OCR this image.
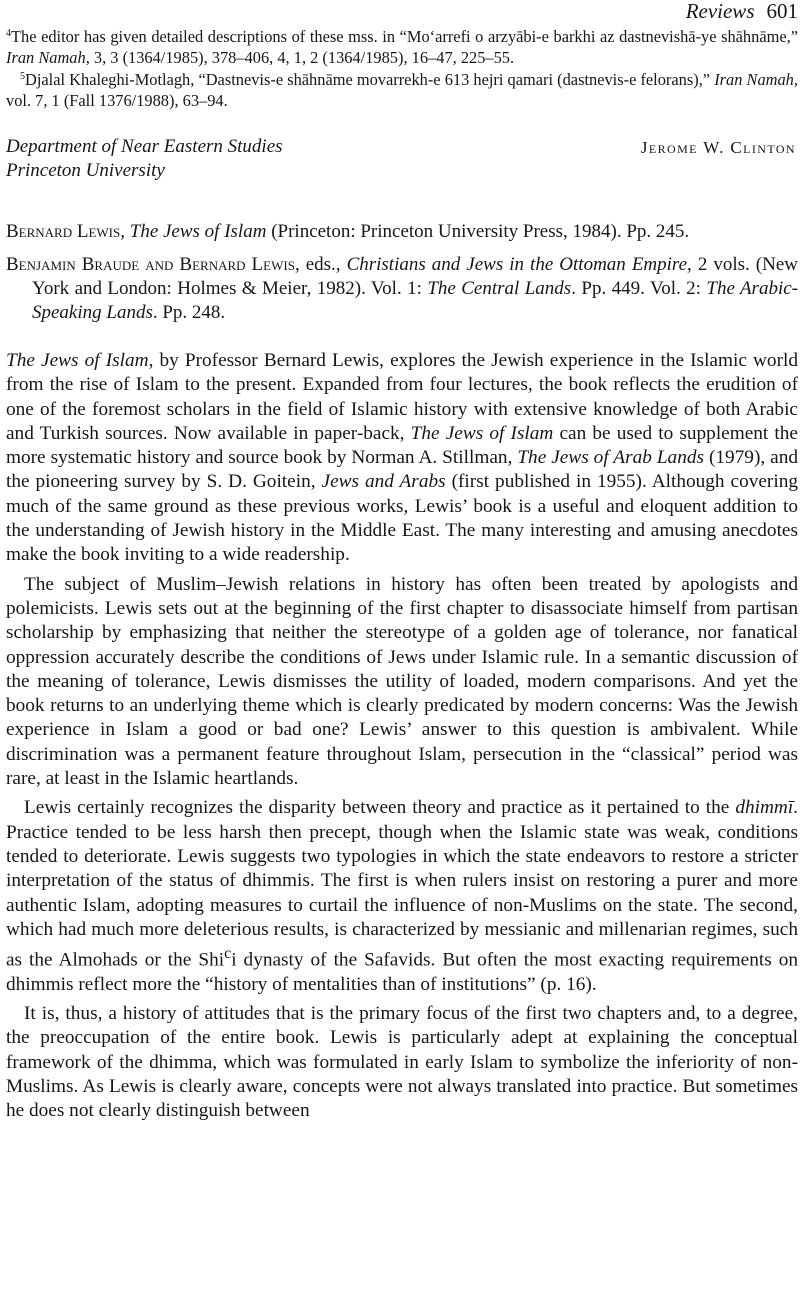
Reviews 601

$^4$The editor has given detailed descriptions of these mss. in “Mo‘arrefi o arzyābi-e barkhi az dastnevishā-ye shāhnāme,” Iran Namah, 3, 3 (1364/1985), 378–406, 4, 1, 2 (1364/1985), 16–47, 225–55.

$^5$Djalal Khaleghi-Motlagh, “Dastnevis-e shāhnāme movarrekh-e 613 hejri qamari (dastnevis-e felorans),” Iran Namah, vol. 7, 1 (Fall 1376/1988), 63–94.

Department of Near Eastern Studies
Princeton University
Jerome W. Clinton

Bernard Lewis, The Jews of Islam (Princeton: Princeton University Press, 1984). Pp. 245.

Benjamin Braude and Bernard Lewis, eds., Christians and Jews in the Ottoman Empire, 2 vols. (New York and London: Holmes & Meier, 1982). Vol. 1: The Central Lands. Pp. 449. Vol. 2: The Arabic-Speaking Lands. Pp. 248.

The Jews of Islam, by Professor Bernard Lewis, explores the Jewish experience in the Islamic world from the rise of Islam to the present. Expanded from four lectures, the book reflects the erudition of one of the foremost scholars in the field of Islamic history with extensive knowledge of both Arabic and Turkish sources. Now available in paper-back, The Jews of Islam can be used to supplement the more systematic history and source book by Norman A. Stillman, The Jews of Arab Lands (1979), and the pioneering survey by S. D. Goitein, Jews and Arabs (first published in 1955). Although covering much of the same ground as these previous works, Lewis’ book is a useful and eloquent addition to the understanding of Jewish history in the Middle East. The many interesting and amusing anecdotes make the book inviting to a wide readership.

The subject of Muslim–Jewish relations in history has often been treated by apologists and polemicists. Lewis sets out at the beginning of the first chapter to disassociate himself from partisan scholarship by emphasizing that neither the stereotype of a golden age of tolerance, nor fanatical oppression accurately describe the conditions of Jews under Islamic rule. In a semantic discussion of the meaning of tolerance, Lewis dismisses the utility of loaded, modern comparisons. And yet the book returns to an underlying theme which is clearly predicated by modern concerns: Was the Jewish experience in Islam a good or bad one? Lewis’ answer to this question is ambivalent. While discrimination was a permanent feature throughout Islam, persecution in the “classical” period was rare, at least in the Islamic heartlands.

Lewis certainly recognizes the disparity between theory and practice as it pertained to the dhimmī. Practice tended to be less harsh then precept, though when the Islamic state was weak, conditions tended to deteriorate. Lewis suggests two typologies in which the state endeavors to restore a stricter interpretation of the status of dhimmis. The first is when rulers insist on restoring a purer and more authentic Islam, adopting measures to curtail the influence of non-Muslims on the state. The second, which had much more deleterious results, is characterized by messianic and millenarian regimes, such as the Almohads or the Shi$^c$i dynasty of the Safavids. But often the most exacting requirements on dhimmis reflect more the “history of mentalities than of institutions” (p. 16).

It is, thus, a history of attitudes that is the primary focus of the first two chapters and, to a degree, the preoccupation of the entire book. Lewis is particularly adept at explaining the conceptual framework of the dhimma, which was formulated in early Islam to symbolize the inferiority of non-Muslims. As Lewis is clearly aware, concepts were not always translated into practice. But sometimes he does not clearly distinguish between
